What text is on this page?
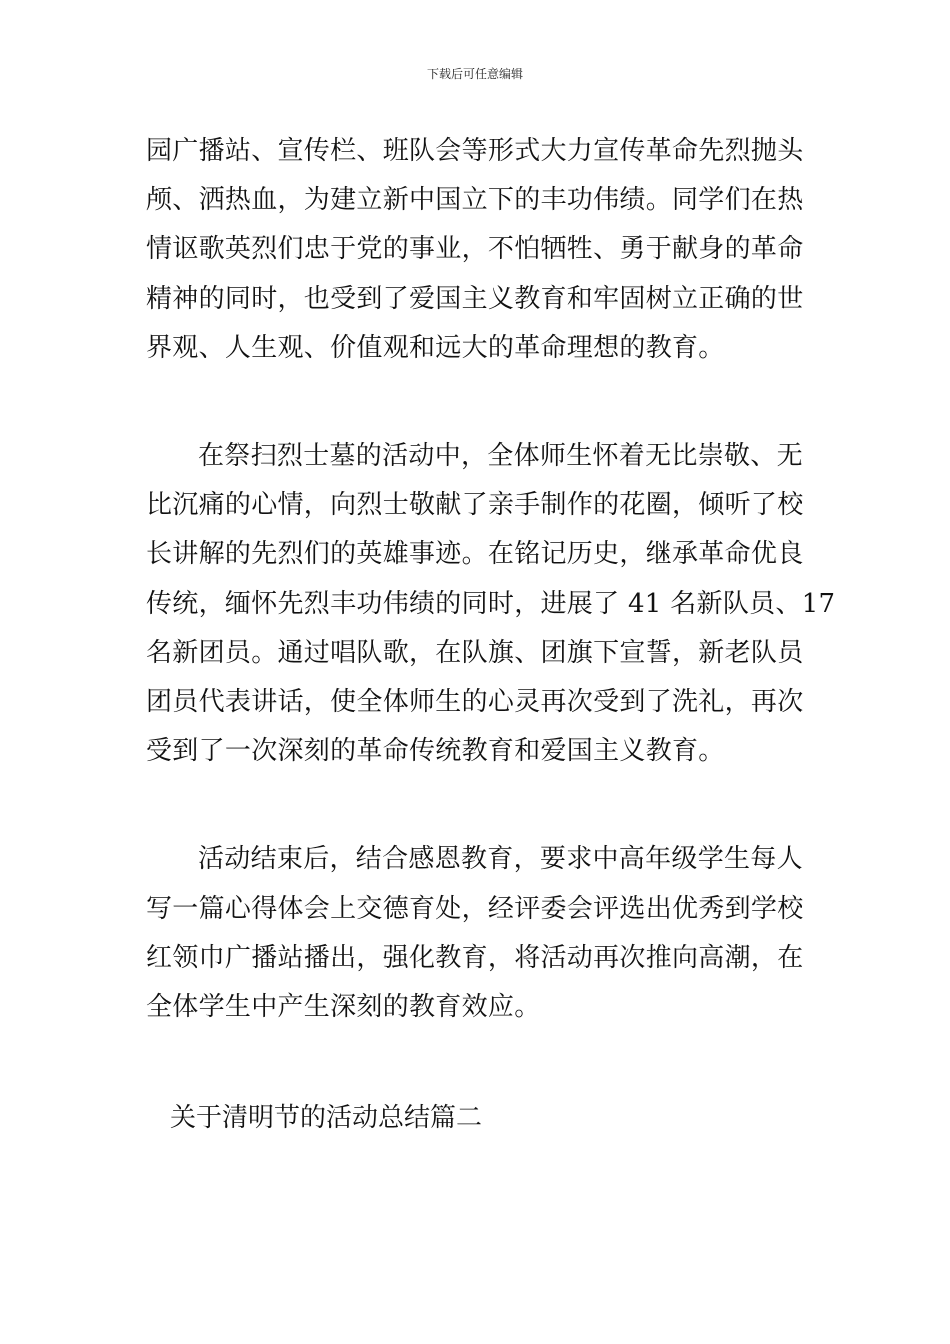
下载后可任意编辑

园广播站、宣传栏、班队会等形式大力宣传革命先烈抛头
颅、洒热血，为建立新中国立下的丰功伟绩。同学们在热
情讴歌英烈们忠于党的事业，不怕牺牲、勇于献身的革命
精神的同时，也受到了爱国主义教育和牢固树立正确的世
界观、人生观、价值观和远大的革命理想的教育。

在祭扫烈士墓的活动中，全体师生怀着无比崇敬、无
比沉痛的心情，向烈士敬献了亲手制作的花圈，倾听了校
长讲解的先烈们的英雄事迹。在铭记历史，继承革命优良
传统，缅怀先烈丰功伟绩的同时，进展了 41 名新队员、17
名新团员。通过唱队歌，在队旗、团旗下宣誓，新老队员
团员代表讲话，使全体师生的心灵再次受到了洗礼，再次
受到了一次深刻的革命传统教育和爱国主义教育。

活动结束后，结合感恩教育，要求中高年级学生每人
写一篇心得体会上交德育处，经评委会评选出优秀到学校
红领巾广播站播出，强化教育，将活动再次推向高潮，在
全体学生中产生深刻的教育效应。

关于清明节的活动总结篇二
